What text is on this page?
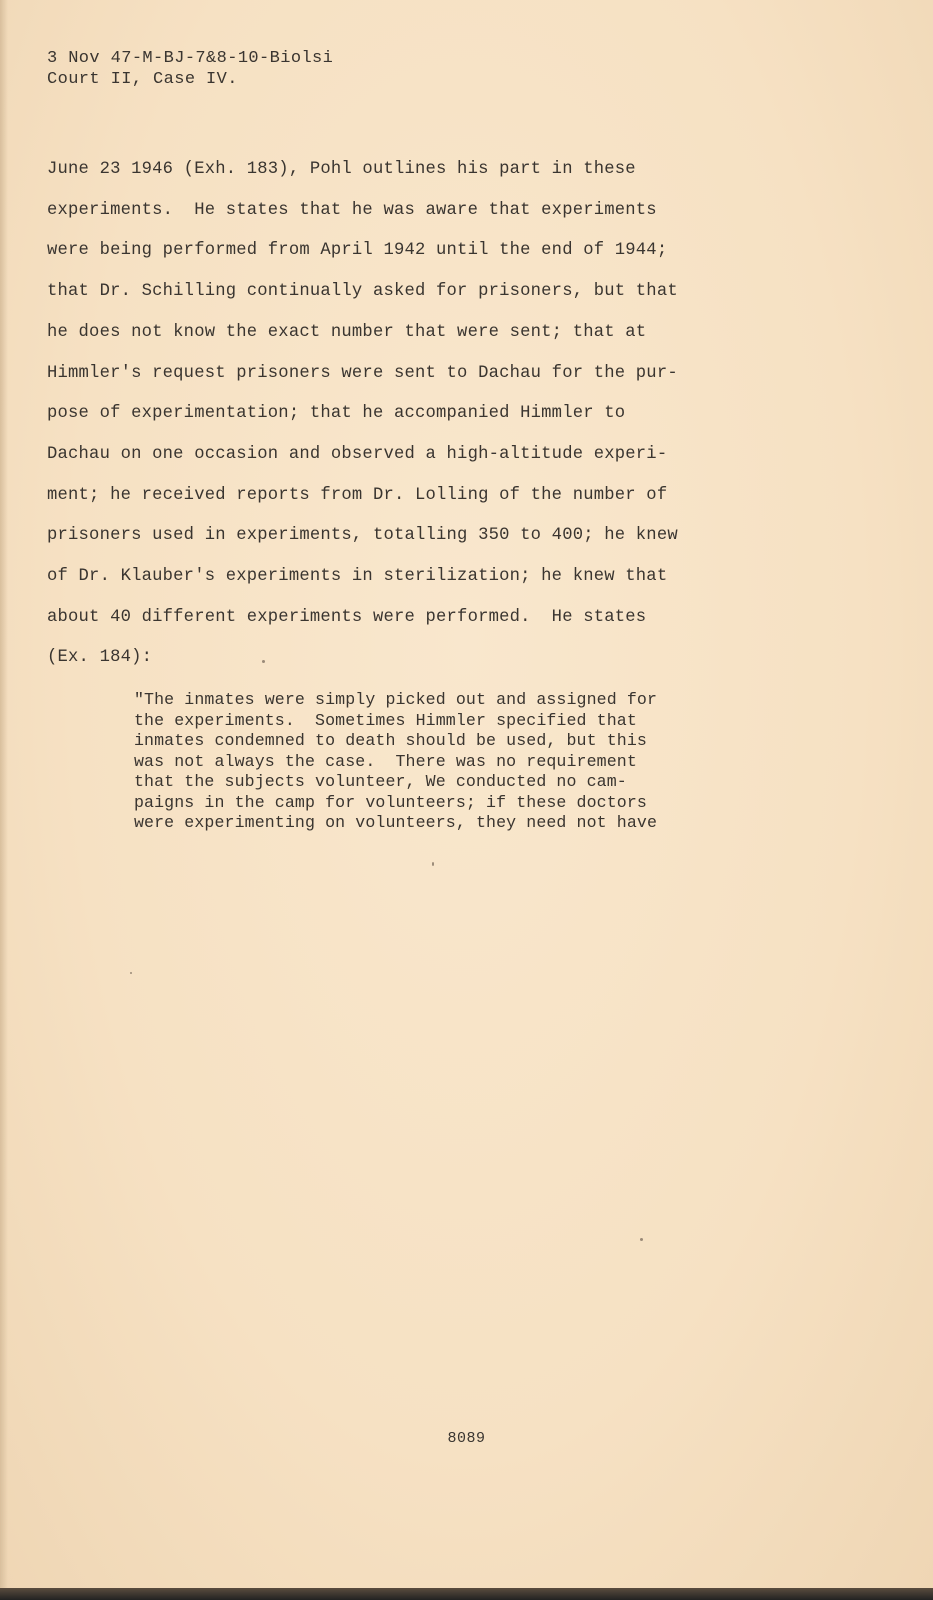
3 Nov 47-M-BJ-7&8-10-Biolsi
Court II, Case IV.
June 23 1946 (Exh. 183), Pohl outlines his part in these
experiments.  He states that he was aware that experiments
were being performed from April 1942 until the end of 1944;
that Dr. Schilling continually asked for prisoners, but that
he does not know the exact number that were sent; that at
Himmler's request prisoners were sent to Dachau for the pur-
pose of experimentation; that he accompanied Himmler to
Dachau on one occasion and observed a high-altitude experi-
ment; he received reports from Dr. Lolling of the number of
prisoners used in experiments, totalling 350 to 400; he knew
of Dr. Klauber's experiments in sterilization; he knew that
about 40 different experiments were performed.  He states
(Ex. 184):
"The inmates were simply picked out and assigned for
the experiments.  Sometimes Himmler specified that
inmates condemned to death should be used, but this
was not always the case.  There was no requirement
that the subjects volunteer, We conducted no cam-
paigns in the camp for volunteers; if these doctors
were experimenting on volunteers, they need not have
8089
